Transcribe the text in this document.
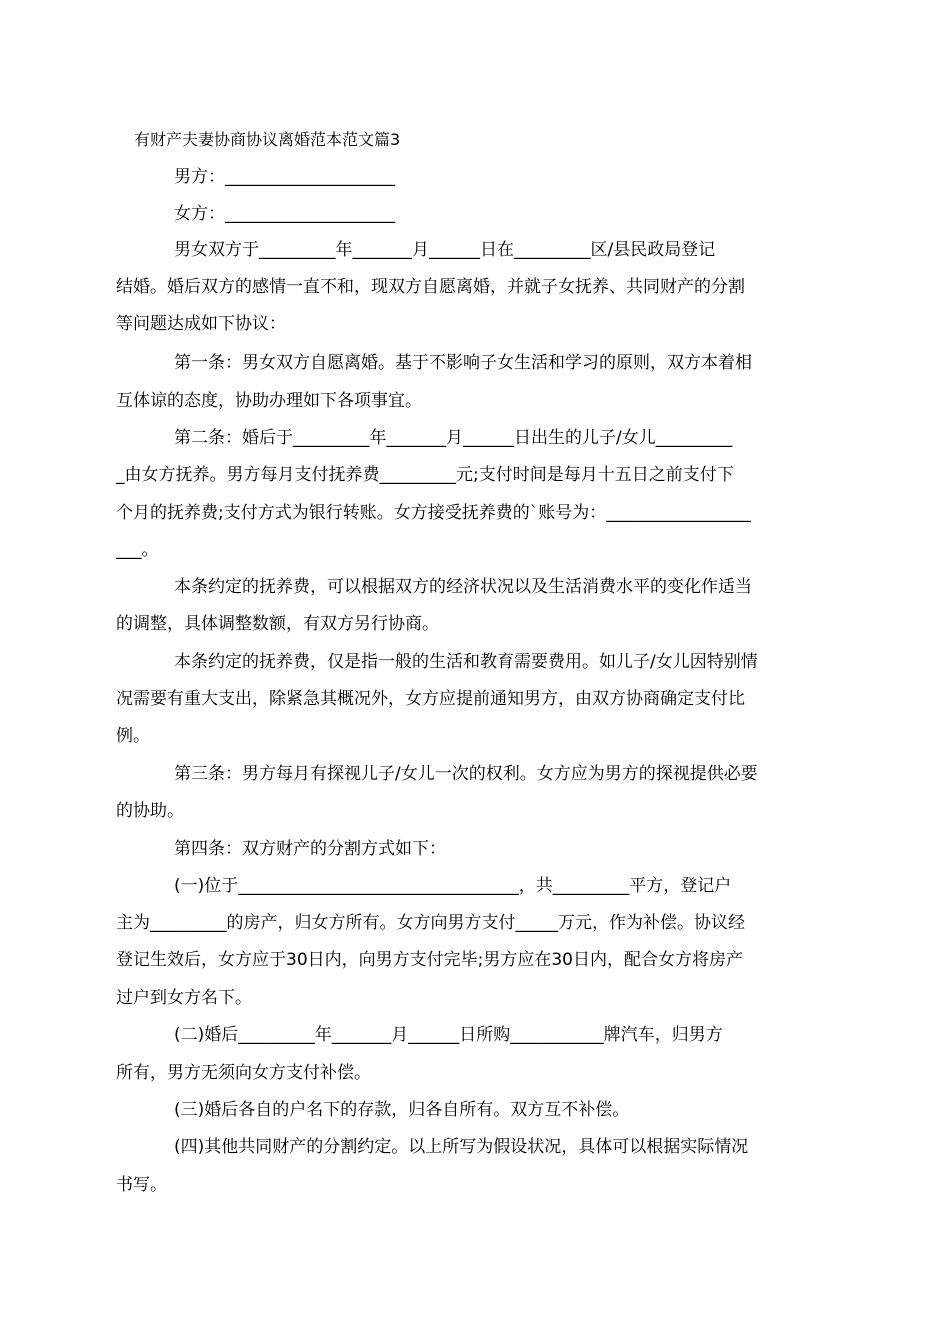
有财产夫妻协商协议离婚范本范文篇3
男方：____________________
女方：____________________
男女双方于_________年_______月______日在_________区/县民政局登记
结婚。婚后双方的感情一直不和，现双方自愿离婚，并就子女抚养、共同财产的分割
等问题达成如下协议：
第一条：男女双方自愿离婚。基于不影响子女生活和学习的原则，双方本着相
互体谅的态度，协助办理如下各项事宜。
第二条：婚后于_________年_______月______日出生的儿子/女儿_________
_由女方抚养。男方每月支付抚养费_________元;支付时间是每月十五日之前支付下
个月的抚养费;支付方式为银行转账。女方接受抚养费的`账号为：_________________
___。
本条约定的抚养费，可以根据双方的经济状况以及生活消费水平的变化作适当
的调整，具体调整数额，有双方另行协商。
本条约定的抚养费，仅是指一般的生活和教育需要费用。如儿子/女儿因特别情
况需要有重大支出，除紧急其概况外，女方应提前通知男方，由双方协商确定支付比
例。
第三条：男方每月有探视儿子/女儿一次的权利。女方应为男方的探视提供必要
的协助。
第四条：双方财产的分割方式如下：
(一)位于_________________________________，共_________平方，登记户
主为_________的房产，归女方所有。女方向男方支付_____万元，作为补偿。协议经
登记生效后，女方应于30日内，向男方支付完毕;男方应在30日内，配合女方将房产
过户到女方名下。
(二)婚后_________年_______月______日所购___________牌汽车，归男方
所有，男方无须向女方支付补偿。
(三)婚后各自的户名下的存款，归各自所有。双方互不补偿。
(四)其他共同财产的分割约定。以上所写为假设状况，具体可以根据实际情况
书写。
